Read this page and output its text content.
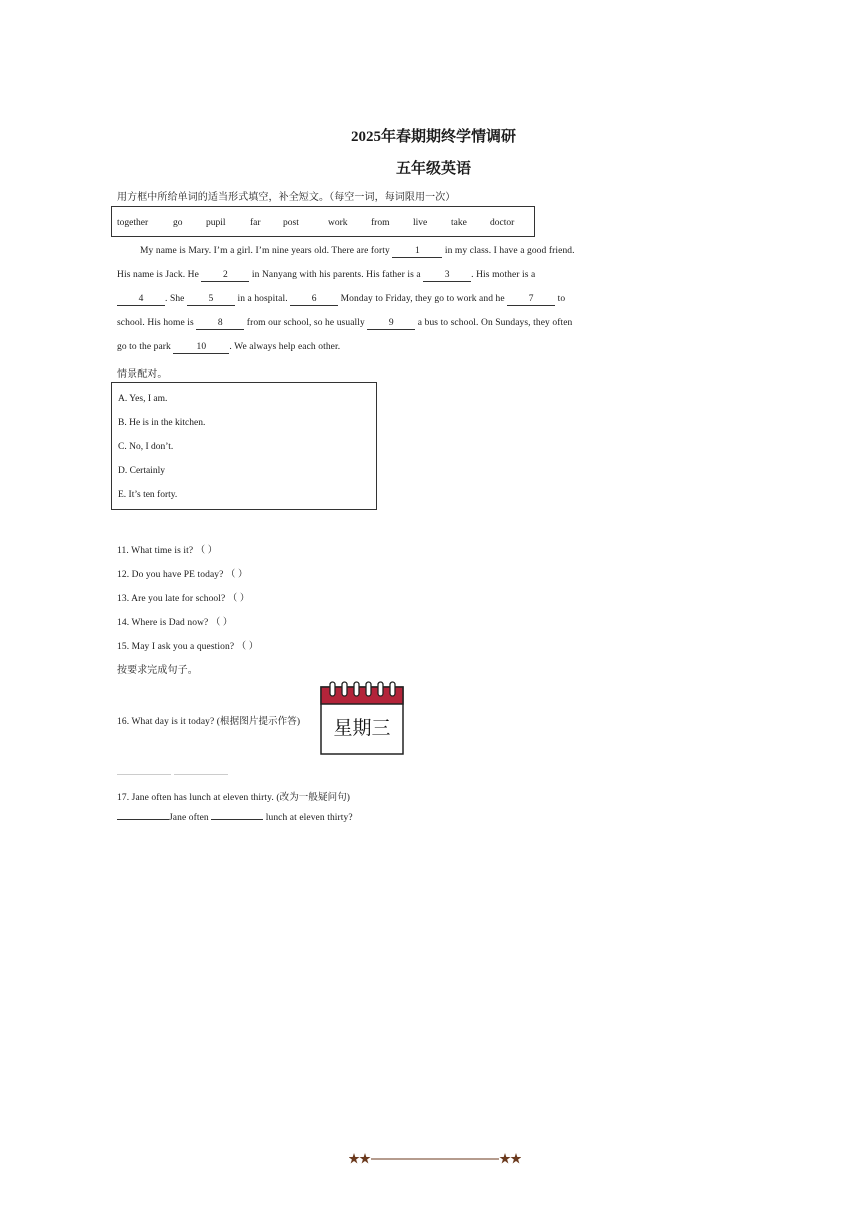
2025年春期期终学情调研
五年级英语
用方框中所给单词的适当形式填空，补全短文。（每空一词，每词限用一次）
together	go pupil	far post	work from live	take doctor
My name is Mary. I’m a girl. I’m nine years old. There are forty 1 in my class. I have a good friend.
His name is Jack. He 2 in Nanyang with his parents. His father is a 3 . His mother is a
4 . She 5 in a hospital. 6 Monday to Friday, they go to work and he 7 to
school. His home is 8 from our school, so he usually 9 a bus to school. On Sundays, they often
go to the park 10 . We always help each other.
情景配对。
A. Yes, I am.
B. He is in the kitchen.
C. No, I don’t.
D. Certainly
E. It’s ten forty.
11. What time is it? （ ）
12. Do you have PE today? （ ）
13. Are you late for school? （ ）
14. Where is Dad now? （ ）
15. May I ask you a question? （ ）
按要求完成句子。
16. What day is it today? (根据图片提示作答)	星期三
17. Jane often has lunch at eleven thirty. (改为一般疑问句)
Jane often	lunch at eleven thirty?
